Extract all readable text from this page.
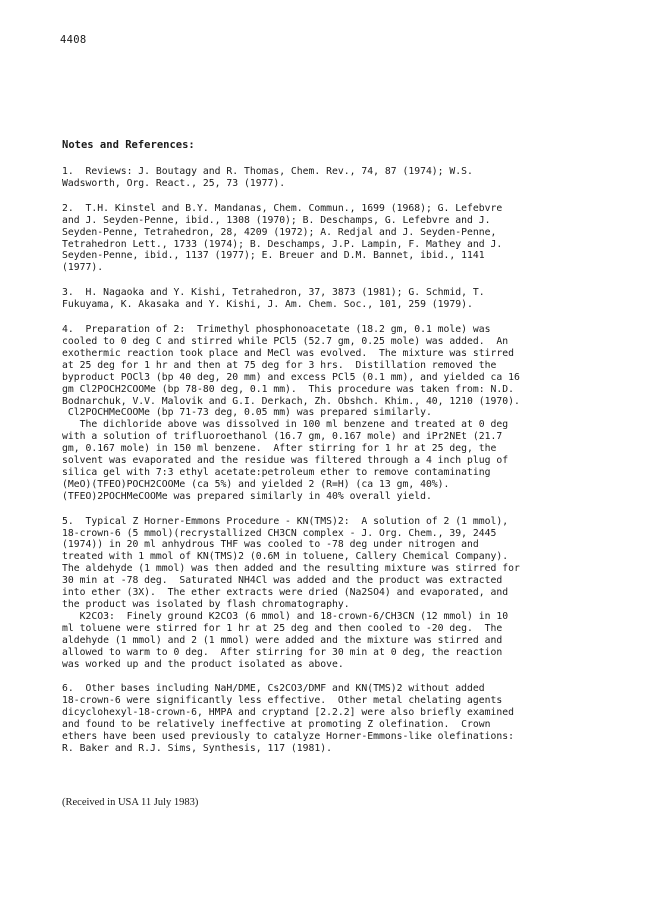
4408
Notes and References:
1.  Reviews: J. Boutagy and R. Thomas, Chem. Rev., 74, 87 (1974); W.S.
Wadsworth, Org. React., 25, 73 (1977).
2.  T.H. Kinstel and B.Y. Mandanas, Chem. Commun., 1699 (1968); G. Lefebvre
and J. Seyden-Penne, ibid., 1308 (1970); B. Deschamps, G. Lefebvre and J.
Seyden-Penne, Tetrahedron, 28, 4209 (1972); A. Redjal and J. Seyden-Penne,
Tetrahedron Lett., 1733 (1974); B. Deschamps, J.P. Lampin, F. Mathey and J.
Seyden-Penne, ibid., 1137 (1977); E. Breuer and D.M. Bannet, ibid., 1141
(1977).
3.  H. Nagaoka and Y. Kishi, Tetrahedron, 37, 3873 (1981); G. Schmid, T.
Fukuyama, K. Akasaka and Y. Kishi, J. Am. Chem. Soc., 101, 259 (1979).
4.  Preparation of 2:  Trimethyl phosphonoacetate (18.2 gm, 0.1 mole) was
cooled to 0 deg C and stirred while PCl5 (52.7 gm, 0.25 mole) was added.  An
exothermic reaction took place and MeCl was evolved.  The mixture was stirred
at 25 deg for 1 hr and then at 75 deg for 3 hrs.  Distillation removed the
byproduct POCl3 (bp 40 deg, 20 mm) and excess PCl5 (0.1 mm), and yielded ca 16
gm Cl2POCH2COOMe (bp 78-80 deg, 0.1 mm).  This procedure was taken from: N.D.
Bodnarchuk, V.V. Malovik and G.I. Derkach, Zh. Obshch. Khim., 40, 1210 (1970).
Cl2POCHMeCOOMe (bp 71-73 deg, 0.05 mm) was prepared similarly.
The dichloride above was dissolved in 100 ml benzene and treated at 0 deg
with a solution of trifluoroethanol (16.7 gm, 0.167 mole) and iPr2NEt (21.7
gm, 0.167 mole) in 150 ml benzene.  After stirring for 1 hr at 25 deg, the
solvent was evaporated and the residue was filtered through a 4 inch plug of
silica gel with 7:3 ethyl acetate:petroleum ether to remove contaminating
(MeO)(TFEO)POCH2COOMe (ca 5%) and yielded 2 (R=H) (ca 13 gm, 40%).
(TFEO)2POCHMeCOOMe was prepared similarly in 40% overall yield.
5.  Typical Z Horner-Emmons Procedure - KN(TMS)2:  A solution of 2 (1 mmol),
18-crown-6 (5 mmol)(recrystallized CH3CN complex - J. Org. Chem., 39, 2445
(1974)) in 20 ml anhydrous THF was cooled to -78 deg under nitrogen and
treated with 1 mmol of KN(TMS)2 (0.6M in toluene, Callery Chemical Company).
The aldehyde (1 mmol) was then added and the resulting mixture was stirred for
30 min at -78 deg.  Saturated NH4Cl was added and the product was extracted
into ether (3X).  The ether extracts were dried (Na2SO4) and evaporated, and
the product was isolated by flash chromatography.
K2CO3:  Finely ground K2CO3 (6 mmol) and 18-crown-6/CH3CN (12 mmol) in 10
ml toluene were stirred for 1 hr at 25 deg and then cooled to -20 deg.  The
aldehyde (1 mmol) and 2 (1 mmol) were added and the mixture was stirred and
allowed to warm to 0 deg.  After stirring for 30 min at 0 deg, the reaction
was worked up and the product isolated as above.
6.  Other bases including NaH/DME, Cs2CO3/DMF and KN(TMS)2 without added
18-crown-6 were significantly less effective.  Other metal chelating agents
dicyclohexyl-18-crown-6, HMPA and cryptand [2.2.2] were also briefly examined
and found to be relatively ineffective at promoting Z olefination.  Crown
ethers have been used previously to catalyze Horner-Emmons-like olefinations:
R. Baker and R.J. Sims, Synthesis, 117 (1981).
(Received in USA 11 July 1983)
